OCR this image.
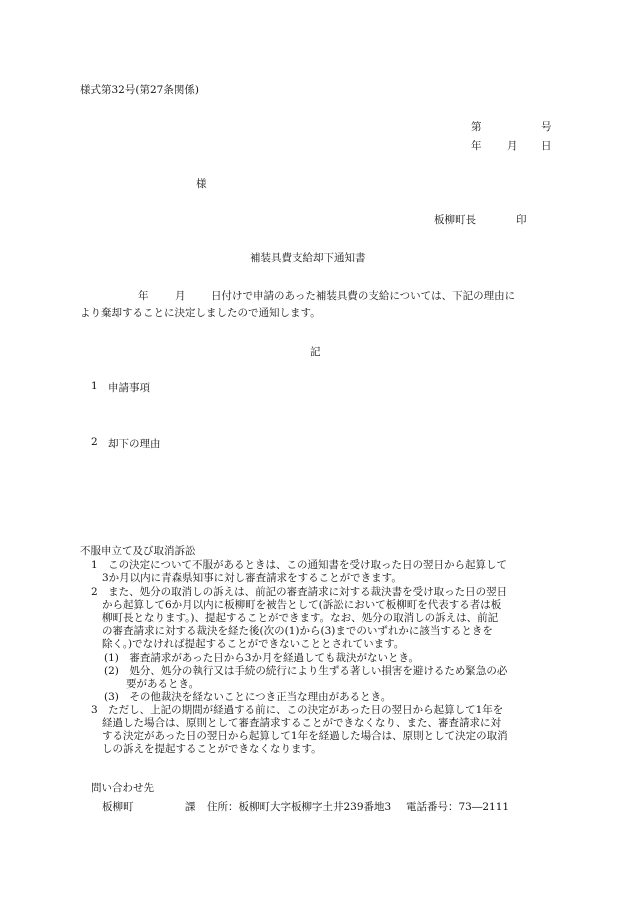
様式第32号(第27条関係)
第	号
年 月 日
様
板柳町長	印
補装具費支給却下通知書
年	月 日付けで申請のあった補装具費の支給については、下記の理由に
より棄却することに決定しましたので通知します。
記
1 申請事項
2 却下の理由
不服申立て及び取消訴訟
1　この決定について不服があるときは、この通知書を受け取った日の翌日から起算して
3か月以内に青森県知事に対し審査請求をすることができます。
2　また、処分の取消しの訴えは、前記の審査請求に対する裁決書を受け取った日の翌日
から起算して6か月以内に板柳町を被告として(訴訟において板柳町を代表する者は板
柳町長となります。)、提起することができます。なお、処分の取消しの訴えは、前記
の審査請求に対する裁決を経た後(次の(1)から(3)までのいずれかに該当するときを
除く。)でなければ提起することができないこととされています。
(1)　審査請求があった日から3か月を経過しても裁決がないとき。
(2)　処分、処分の執行又は手続の続行により生ずる著しい損害を避けるため緊急の必
要があるとき。
(3)　その他裁決を経ないことにつき正当な理由があるとき。
3　ただし、上記の期間が経過する前に、この決定があった日の翌日から起算して1年を
経過した場合は、原則として審査請求することができなくなり、また、審査請求に対
する決定があった日の翌日から起算して1年を経過した場合は、原則として決定の取消
しの訴えを提起することができなくなります。
問い合わせ先
板柳町	課 住所：板柳町大字板柳字土井239番地3 電話番号：73―2111
